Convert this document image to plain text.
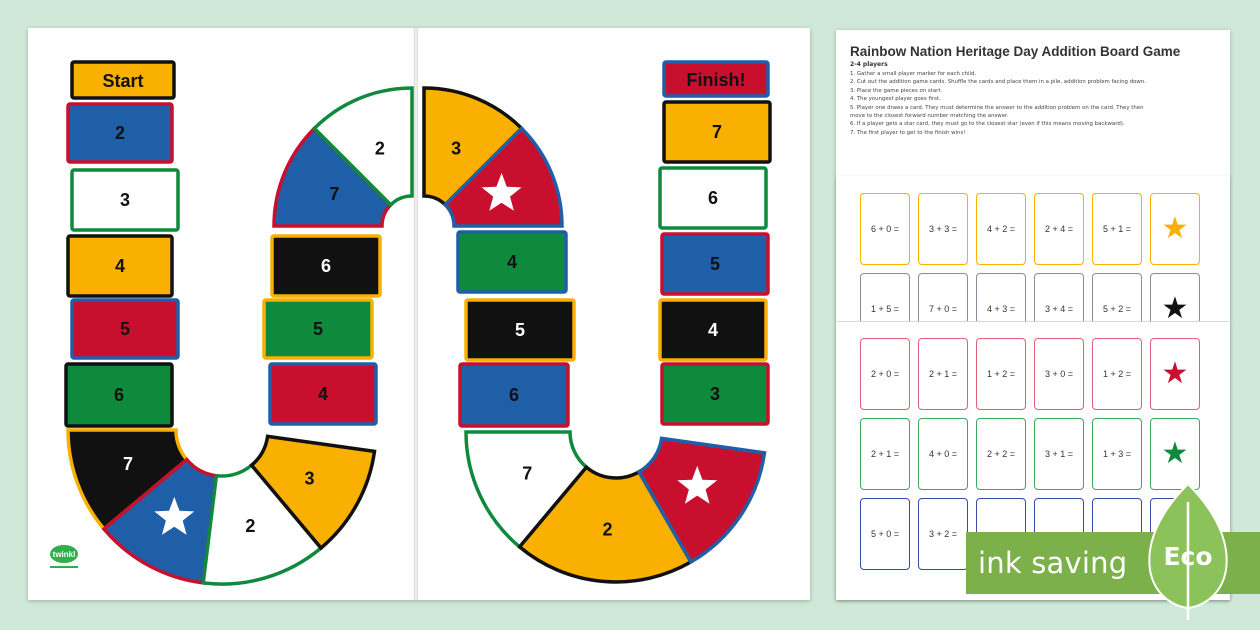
Start	Finish!
2
3
4
5
6
7
2
3
4
5
6
7
2	3
4
5
6
7
2
3
4
5
6
7
twinkl
Rainbow Nation Heritage Day Addition Board Game
2-4 players
1. Gather a small player marker for each child.
2. Cut out the addition game cards. Shuffle the cards and place them in a pile, addition problem facing down.
3. Place the game pieces on start.
4. The youngest player goes first.
5. Player one draws a card. They must determine the answer to the addition problem on the card. They then
move to the closest forward number matching the answer.
6. If a player gets a star card, they must go to the closest star (even if this means moving backward).
7. The first player to get to the finish wins!
6 + 0 =	3 + 3 =	4 + 2 =	2 + 4 =	5 + 1 = ★
1 + 5 =	7 + 0 =	4 + 3 =	3 + 4 =	5 + 2 = ★
2 + 0 =	2 + 1 =	1 + 2 =	3 + 0 =	1 + 2 = ★
2 + 1 =	4 + 0 =	2 + 2 =	3 + 1 =	1 + 3 = ★
5 + 0 =	3 + 2 =
ink saving	Eco
